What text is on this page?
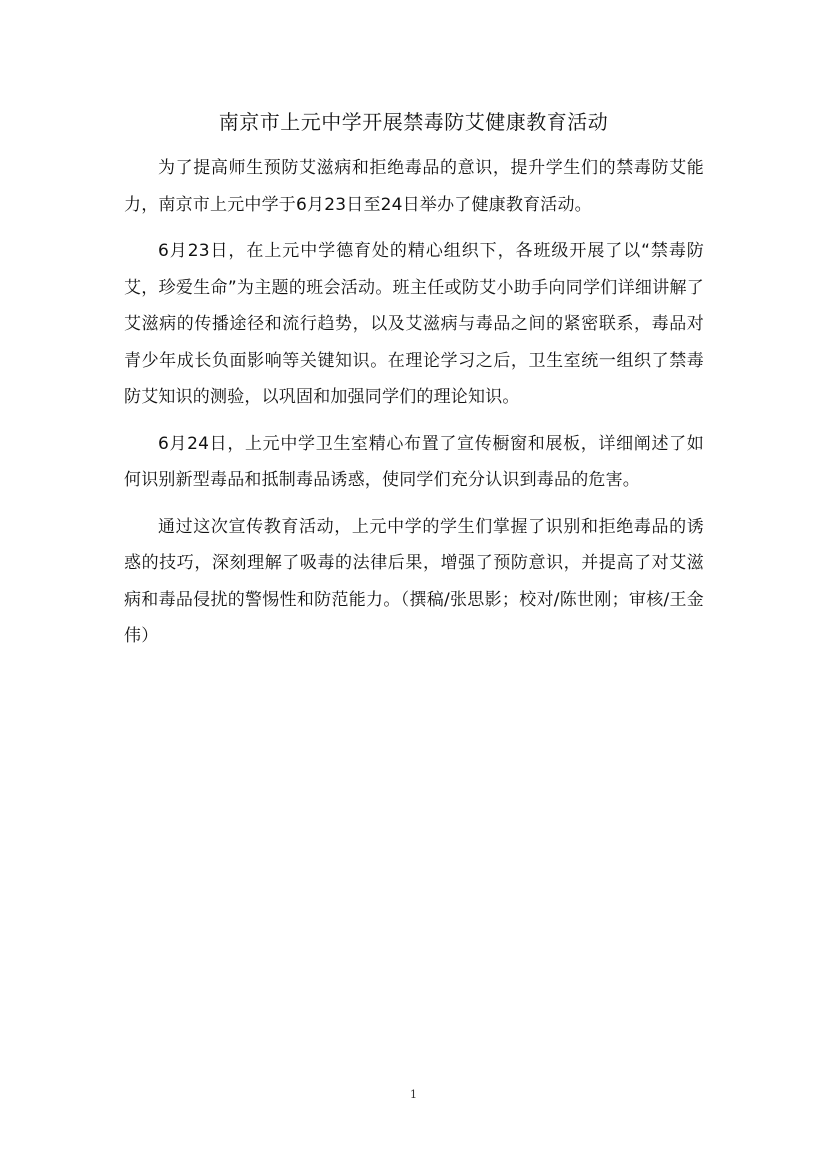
南京市上元中学开展禁毒防艾健康教育活动

为了提高师生预防艾滋病和拒绝毒品的意识，提升学生们的禁毒防艾能力，南京市上元中学于6月23日至24日举办了健康教育活动。

6月23日，在上元中学德育处的精心组织下，各班级开展了以“禁毒防艾，珍爱生命”为主题的班会活动。班主任或防艾小助手向同学们详细讲解了艾滋病的传播途径和流行趋势，以及艾滋病与毒品之间的紧密联系，毒品对青少年成长负面影响等关键知识。在理论学习之后，卫生室统一组织了禁毒防艾知识的测验，以巩固和加强同学们的理论知识。

6月24日，上元中学卫生室精心布置了宣传橱窗和展板，详细阐述了如何识别新型毒品和抵制毒品诱惑，使同学们充分认识到毒品的危害。

通过这次宣传教育活动，上元中学的学生们掌握了识别和拒绝毒品的诱惑的技巧，深刻理解了吸毒的法律后果，增强了预防意识，并提高了对艾滋病和毒品侵扰的警惕性和防范能力。（撰稿/张思影；校对/陈世刚；审核/王金伟）

1
